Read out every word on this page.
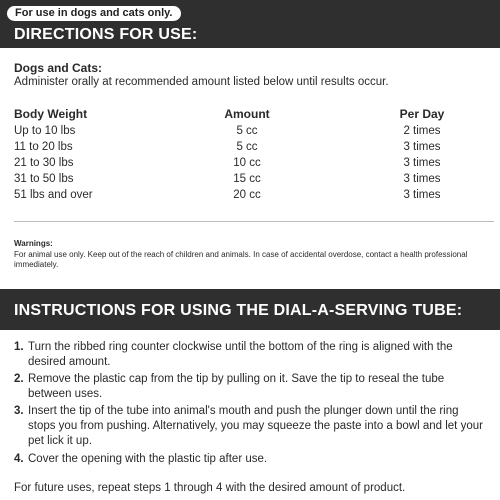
For use in dogs and cats only.
DIRECTIONS FOR USE:
Dogs and Cats:
Administer orally at recommended amount listed below until results occur.
Body Weight	Amount	Per Day
Up to 10 lbs	5 cc	2 times
11 to 20 lbs	5 cc	3 times
21 to 30 lbs	10 cc	3 times
31 to 50 lbs	15 cc	3 times
51 lbs and over	20 cc	3 times
Warnings:
For animal use only. Keep out of the reach of children and animals. In case of accidental overdose, contact a health professional immediately.
INSTRUCTIONS FOR USING THE DIAL-A-SERVING TUBE:
1. Turn the ribbed ring counter clockwise until the bottom of the ring is aligned with the desired amount.
2. Remove the plastic cap from the tip by pulling on it. Save the tip to reseal the tube between uses.
3. Insert the tip of the tube into animal's mouth and push the plunger down until the ring stops you from pushing. Alternatively, you may squeeze the paste into a bowl and let your pet lick it up.
4. Cover the opening with the plastic tip after use.
For future uses, repeat steps 1 through 4 with the desired amount of product.
